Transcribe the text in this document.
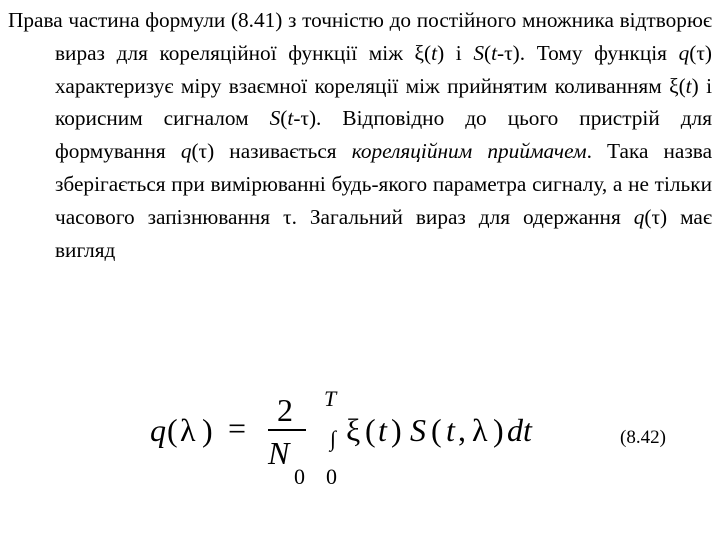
Права частина формули (8.41) з точністю до постійного множника відтворює вираз для кореляційної функції між ξ(t) і S(t-τ). Тому функція q(τ) характеризує міру взаємної кореляції між прийнятим коливанням ξ(t) і корисним сигналом S(t-τ). Відповідно до цього пристрій для формування q(τ) називається кореляційним приймачем. Така назва зберігається при вимірюванні будь-якого параметра сигналу, а не тільки часового запізнювання τ. Загальний вираз для одержання q(τ) має вигляд

q ( λ ) = 2
N
0
T
∫
0
ξ ( t ) S ( t , λ ) dt	(8.42)
